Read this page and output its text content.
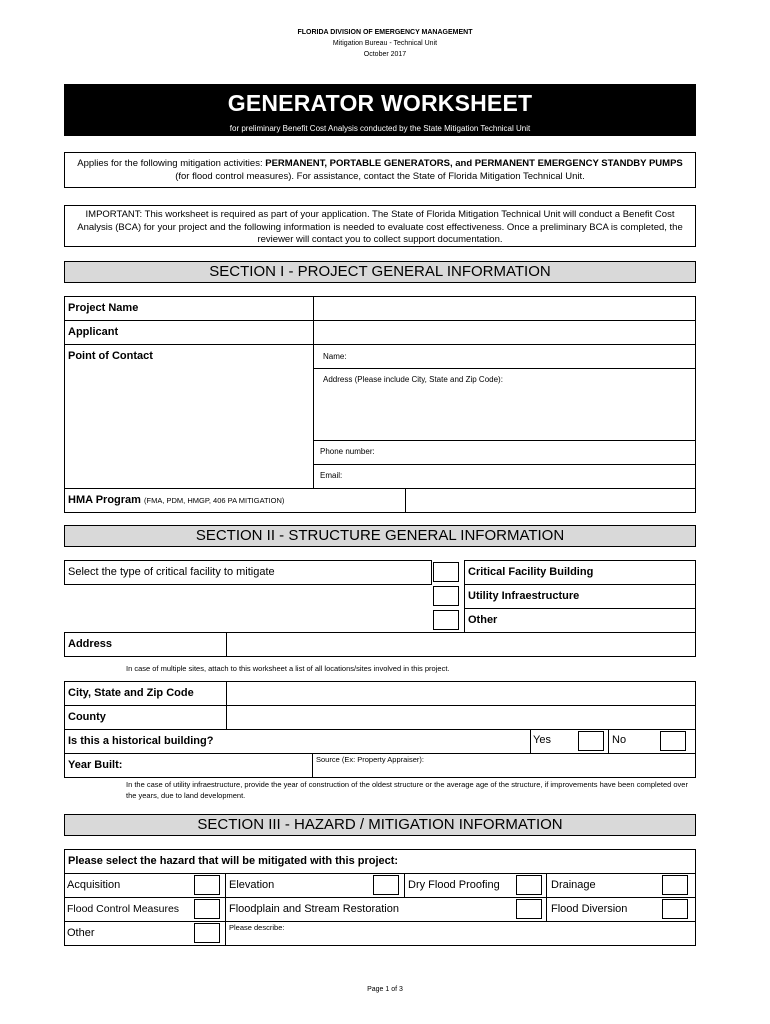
FLORIDA DIVISION OF EMERGENCY MANAGEMENT
Mitigation Bureau - Technical Unit
October 2017
GENERATOR WORKSHEET
for preliminary Benefit Cost Analysis conducted by the State Mitigation Technical Unit
Applies for the following mitigation activities: PERMANENT, PORTABLE GENERATORS, and PERMANENT EMERGENCY STANDBY PUMPS
(for flood control measures). For assistance, contact the State of Florida Mitigation Technical Unit.
IMPORTANT: This worksheet is required as part of your application. The State of Florida Mitigation Technical Unit will conduct a Benefit Cost Analysis (BCA) for your project and the following information is needed to evaluate cost effectiveness. Once a preliminary BCA is completed, the reviewer will contact you to collect support documentation.
SECTION I - PROJECT GENERAL INFORMATION
Project Name
Applicant
Point of Contact	Name:
Address (Please include City, State and Zip Code):
Phone number:
Email:
HMA Program (FMA, PDM, HMGP, 406 PA MITIGATION)
SECTION II - STRUCTURE GENERAL INFORMATION
Select the type of critical facility to mitigate	Critical Facility Building
Utility Infraestructure
Other
Address
In case of multiple sites, attach to this worksheet a list of all locations/sites involved in this project.
City, State and Zip Code
County
Is this a historical building?	Yes	No
Year Built:	Source (Ex: Property Appraiser):
In the case of utility infraestructure, provide the year of construction of the oldest structure or the average age of the structure, if improvements have been completed over the years, due to land development.
SECTION III - HAZARD / MITIGATION INFORMATION
Please select the hazard that will be mitigated with this project:
Acquisition	Elevation	Dry Flood Proofing	Drainage
Flood Control Measures	Floodplain and Stream Restoration	Flood Diversion
Other	Please describe:
Page 1 of 3
